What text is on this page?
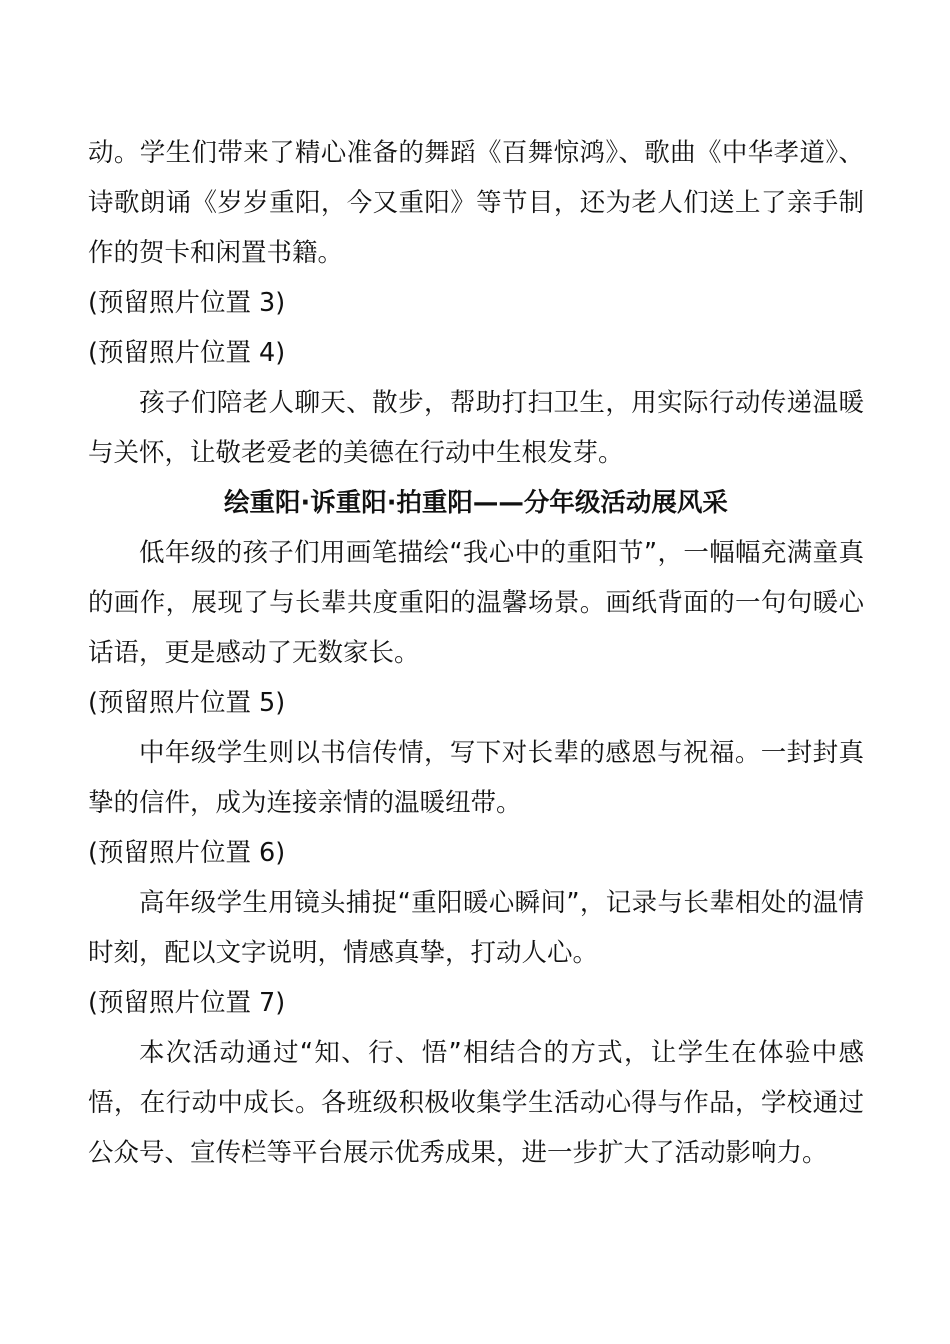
动。学生们带来了精心准备的舞蹈《百舞惊鸿》、歌曲《中华孝道》、诗歌朗诵《岁岁重阳，今又重阳》等节目，还为老人们送上了亲手制作的贺卡和闲置书籍。

(预留照片位置 3)

(预留照片位置 4)

孩子们陪老人聊天、散步，帮助打扫卫生，用实际行动传递温暖与关怀，让敬老爱老的美德在行动中生根发芽。

绘重阳·诉重阳·拍重阳——分年级活动展风采

低年级的孩子们用画笔描绘“我心中的重阳节”，一幅幅充满童真的画作，展现了与长辈共度重阳的温馨场景。画纸背面的一句句暖心话语，更是感动了无数家长。

(预留照片位置 5)

中年级学生则以书信传情，写下对长辈的感恩与祝福。一封封真挚的信件，成为连接亲情的温暖纽带。

(预留照片位置 6)

高年级学生用镜头捕捉“重阳暖心瞬间”，记录与长辈相处的温情时刻，配以文字说明，情感真挚，打动人心。

(预留照片位置 7)

本次活动通过“知、行、悟”相结合的方式，让学生在体验中感悟，在行动中成长。各班级积极收集学生活动心得与作品，学校通过公众号、宣传栏等平台展示优秀成果，进一步扩大了活动影响力。
